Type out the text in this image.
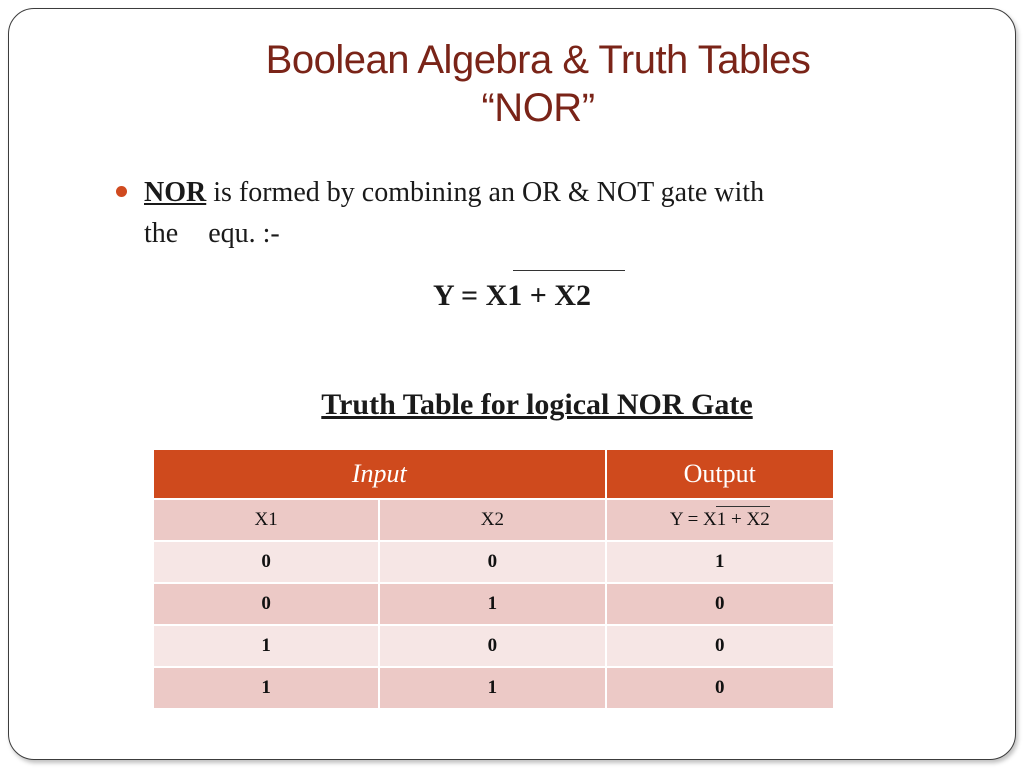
Boolean Algebra & Truth Tables
“NOR”
NOR is formed by combining an OR & NOT gate with
the equ. :-
Y = X1 + X2
Truth Table for logical NOR Gate
Input		Output
X1	X2	Y = X1 + X2
0	0	1
0	1	0
1	0	0
1	1	0
